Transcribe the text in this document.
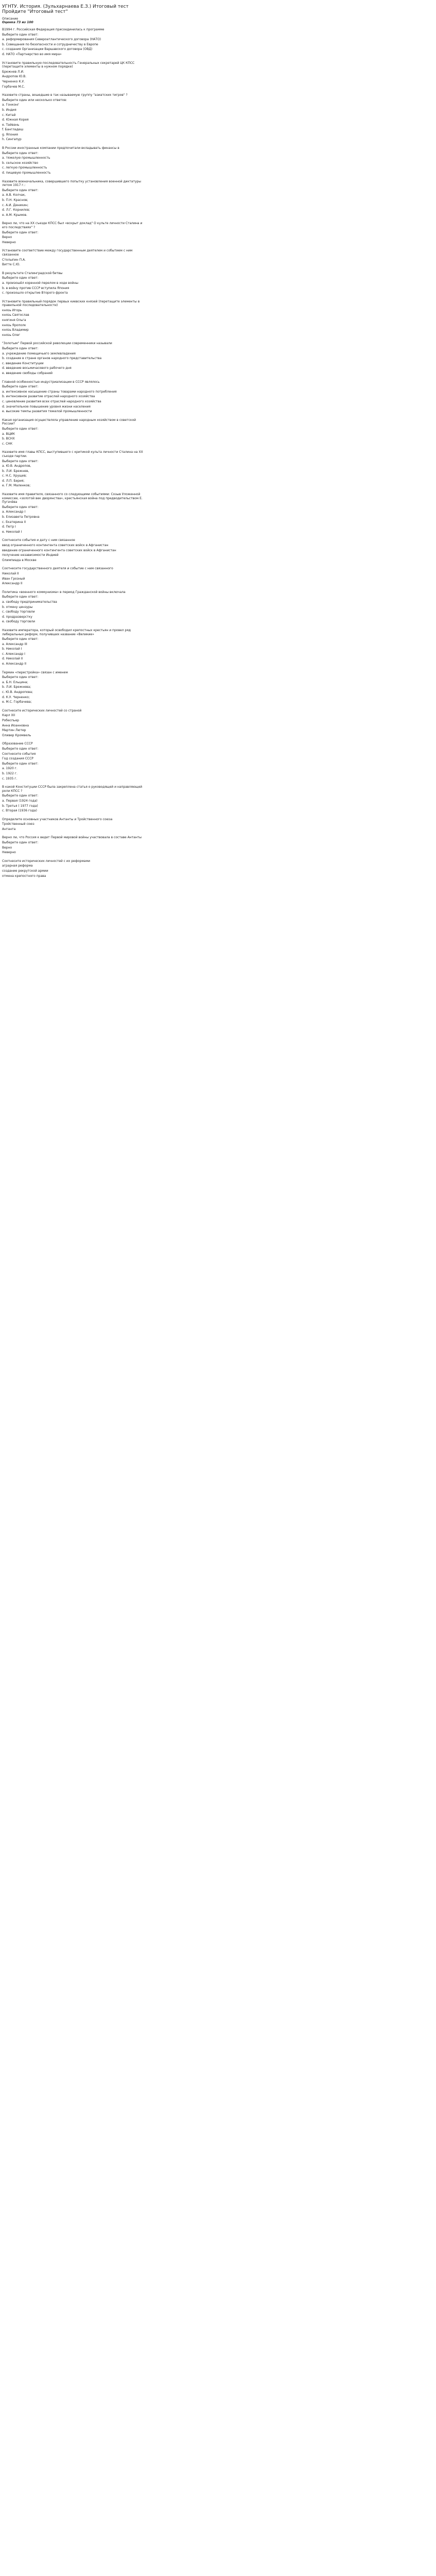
УГНТУ. История. (Зульхарнаева Е.З.) Итоговый тест Пройдите "Итоговый тест"
Описание
Оценка 73 из 100
В1994 г. Российская Федерация присоединилась к программе
Выберите один ответ:
a. реформирования Североатлантического договора (НАТО)
b. Совещания по безопасности и сотрудничеству в Европе
c. создания Организации Варшавского договора (ОВД)
d. НАТО «Партнерство во имя мира»
Установите правильную последовательность Генеральных секретарей ЦК КПСС (перетащите элементы в нужном порядке)
Брежнев Л.И.
Андропов Ю.В.
Черненко К.У.
Горбачев М.С.
Назовите страны, вошедшие в так называемую группу "азиатских тигров" ?
Выберите один или несколько ответов:
a. Гонконг
b. Индия
c. Китай
d. Южная Корея
e. Тайвань
f. Бангладеш
g. Япония
h. Сингапур
В России иностранные компании предпочитали вкладывать финансы в
Выберите один ответ:
a. тяжелую промышленность
b. сельское хозяйство
c. легкую промышленность
d. пищевую промышленность
Назовите военачальника, совершившего попытку установления военной диктатуры летом 1917 г.:
Выберите один ответ:
a. А.В. Колчак,
b. П.Н. Краснов;
c. А.И. Деникин;
d. Л.Г. Корнилов;
e. А.М. Крымов.
Верно ли, что на ХХ съезде КПСС был «вскрыт доклад" О культе личности Сталина и его последствиях" ?
Выберите один ответ:
Верно
Неверно
Установите соответствие между государственным деятелем и событием с ним связанное
Столыпин П.А.
Витте С.Ю.
В результате Сталинградской битвы
Выберите один ответ:
a. произошёл коренной перелом в ходе войны
b. в войну против СССР вступила Япония
c. произошло открытие Второго фронта
Установите правильный порядок первых киевских князей (перетащите элементы в правильной последовательности)
князь Игорь
князь Святослав
княгиня Ольга
князь Ярополк
князь Владимир
князь Олег
"Золотым" Первой российской революции современники называли
Выберите один ответ:
a. учреждение помещичьего землевладения
b. создание в стране органов народного представительства
c. введение Конституции
d. введение восьмичасового рабочего дня
e. введение свободы собраний
Главной особенностью индустриализации в СССР являлось
Выберите один ответ:
a. интенсивное насыщение страны товарами народного потребления
b. интенсивное развитие отраслей народного хозяйства
c. ценовление развития всех отраслей народного хозяйства
d. значительное повышение уровня жизни населения
e. высокие темпы развития тяжелой промышленности
Какая организация осуществляла управление народным хозяйством в советской России?
Выберите один ответ:
a. ВЦИК
b. ВСНХ
c. СНК
Назовите имя главы КПСС, выступившего с критикой культа личности Сталина на ХХ съезде партии.
Выберите один ответ:
a. Ю.В. Андропов,
b. Л.И. Брежнев,
c. Н.С. Хрущев;
d. Л.П. Берия;
e. Г.М. Маленков;
Назовите имя правителя, связанного со следующими событиями: Созыв Уложенной комиссии, «золотой век дворянства», крестьянская война под предводительством Е. Пугачёва
Выберите один ответ:
a. Александр I
b. Елизавета Петровна
c. Екатерина II
d. Петр I
e. Николай I
Соотнесите события и дату с ним связанное
ввод ограниченного контингента советских войск в Афганистан
введение ограниченного контингента советских войск в Афганистан
получение независимости Индией
Олимпиада в Москве
Соотнесите государственного деятеля и событие с ним связанного
Николай II
Иван Грозный
Александр II
Политика «военного коммунизма» в период Гражданской войны включала
Выберите один ответ:
a. свободу предпринимательства
b. отмену цензуры
c. свободу торговли
d. продразверстку
e. свободу торговли
Назовите императора, который освободил крепостных крестьян и провел ряд либеральных реформ, получивших название «Великие»
Выберите один ответ:
a. Александр III
b. Николай I
c. Александр I
d. Николай II
e. Александр II
Термин «перестройка» связан с именем
Выберите один ответ:
a. Б.Н. Ельцина;
b. Л.И. Брежнева;
c. Ю.В. Андропова;
d. К.У. Черненко;
e. М.С. Горбачева;
Соотнесите исторических личностей со страной
Карл XII
Робеспьер
Анна Иоанновна
Мартин Лютер
Оливер Кромвель
Образование СССР
Выберите один ответ:
Соотнесите события
Год создания СССР
Выберите один ответ:
a. 1920 г.
b. 1922 г.
c. 1935 г.
В какой Конституции СССР была закреплена статья о руководящей и направляющей роли КПСС ?
Выберите один ответ:
a. Первая (1924 года)
b. Третья ( 1977 года)
c. Вторая (1936 года)
Определите основных участников Антанты и Тройственного союза
Тройственный союз
Антанта
Верно ли, что Россия к ведет Первой мировой войны участвовала в составе Антанты
Выберите один ответ:
Верно
Неверно
Соотнесите исторических личностей с их реформами
аграрная реформа
создание рекрутской армии
отмена крепостного права
